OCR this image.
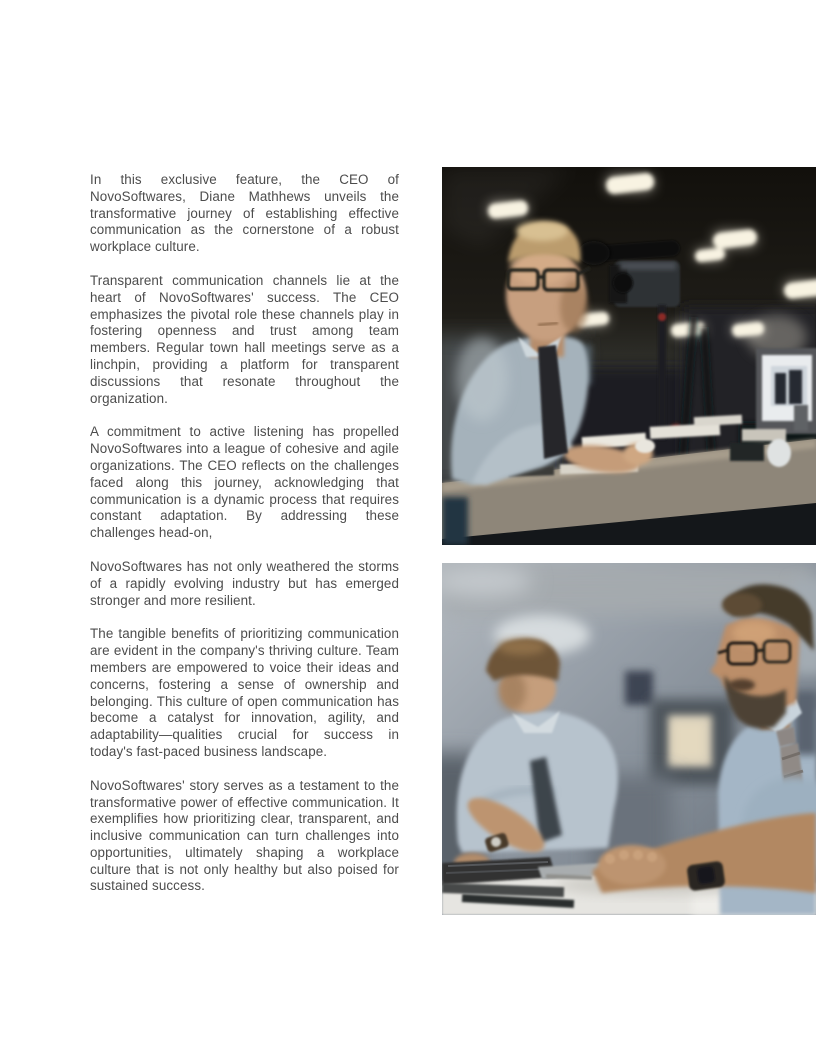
In this exclusive feature, the CEO of NovoSoftwares, Diane Mathhews unveils the transformative journey of establishing effective communication as the cornerstone of a robust workplace culture.

Transparent communication channels lie at the heart of NovoSoftwares' success. The CEO emphasizes the pivotal role these channels play in fostering openness and trust among team members. Regular town hall meetings serve as a linchpin, providing a platform for transparent discussions that resonate throughout the organization.

A commitment to active listening has propelled NovoSoftwares into a league of cohesive and agile organizations. The CEO reflects on the challenges faced along this journey, acknowledging that communication is a dynamic process that requires constant adaptation. By addressing these challenges head-on,

NovoSoftwares has not only weathered the storms of a rapidly evolving industry but has emerged stronger and more resilient.

The tangible benefits of prioritizing communication are evident in the company's thriving culture. Team members are empowered to voice their ideas and concerns, fostering a sense of ownership and belonging. This culture of open communication has become a catalyst for innovation, agility, and adaptability—qualities crucial for success in today's fast-paced business landscape.

NovoSoftwares' story serves as a testament to the transformative power of effective communication. It exemplifies how prioritizing clear, transparent, and inclusive communication can turn challenges into opportunities, ultimately shaping a workplace culture that is not only healthy but also poised for sustained success.
